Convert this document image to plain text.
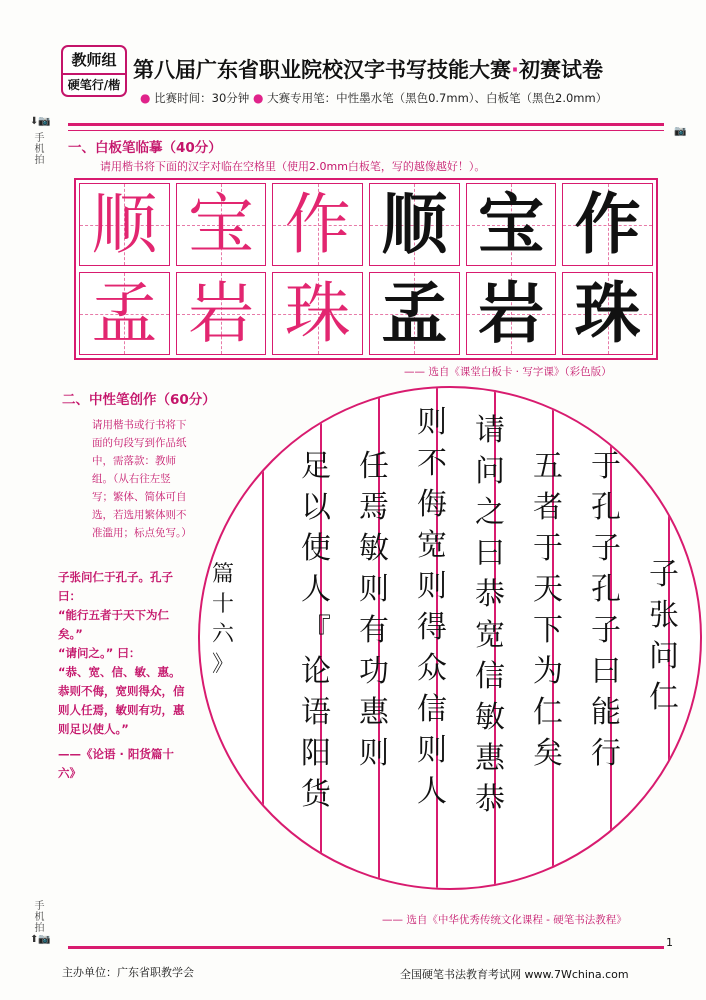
教师组
硬笔行/楷
第八届广东省职业院校汉字书写技能大赛·初赛试卷
● 比赛时间：30分钟 ● 大赛专用笔：中性墨水笔（黑色0.7mm）、白板笔（黑色2.0mm）
⬇📷
手机拍
手机拍
⬆📷
📷
一、白板笔临摹（40分）
请用楷书将下面的汉字对临在空格里（使用2.0mm白板笔，写的越像越好！）。
顺 宝 作 顺 宝 作
孟 岩 珠 孟 岩 珠
—— 选自《课堂白板卡 · 写字课》（彩色版）
二、中性笔创作（60分）
请用楷书或行书将下面的句段写到作品纸中，需落款：教师组。（从右往左竖写；繁体、简体可自选，若选用繁体则不准滥用；标点免写。）
子张问仁于孔子。孔子曰：
“能行五者于天下为仁矣。”
“请问之。” 曰：
“恭、宽、信、敏、惠。恭则不侮，宽则得众，信则人任焉，敏则有功，惠则足以使人。”
——《论语 · 阳货篇十六》
子
张
问
仁
于
孔
子
孔
子
曰
能
行
五
者
于
天
下
为
仁
矣
请
问
之
曰
恭
宽
信
敏
惠
恭
则
不
侮
宽
则
得
众
信
则
人
任
焉
敏
则
有
功
惠
则
足
以
使
人
『
论
语
阳
货
篇
十
六
》
—— 选自《中华优秀传统文化课程 - 硬笔书法教程》
1
主办单位：广东省职教学会	全国硬笔书法教育考试网 www.7Wchina.com
